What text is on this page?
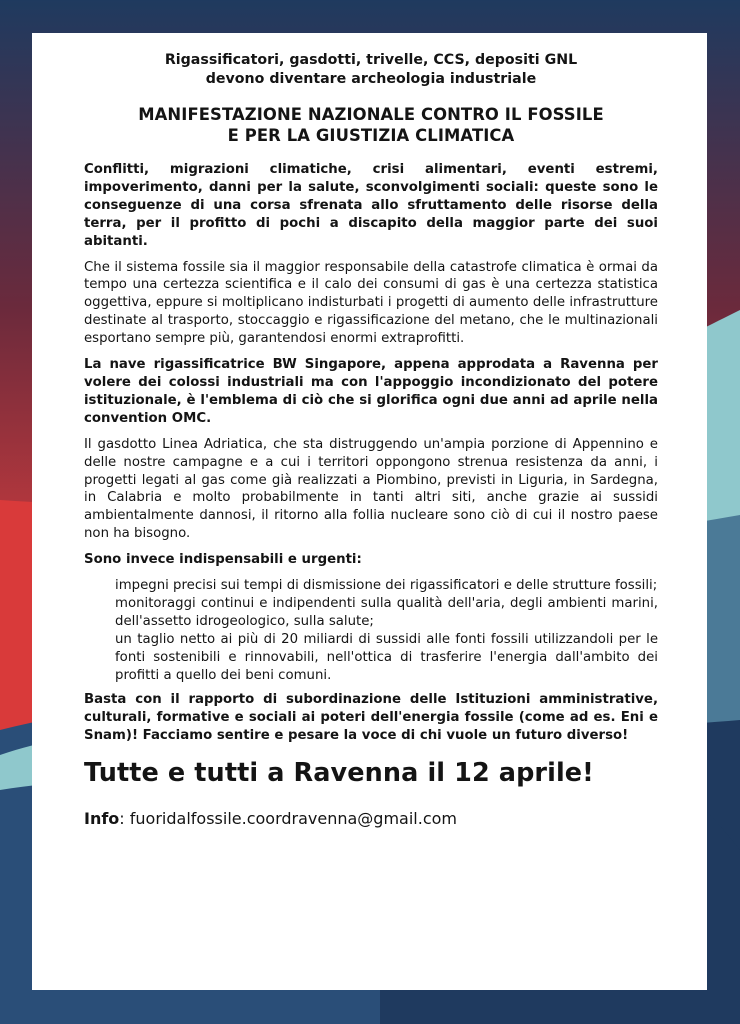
Rigassificatori, gasdotti, trivelle, CCS, depositi GNL
devono diventare archeologia industriale
MANIFESTAZIONE NAZIONALE CONTRO IL FOSSILE
E PER LA GIUSTIZIA CLIMATICA

Conflitti, migrazioni climatiche, crisi alimentari, eventi estremi, impoverimento, danni per la salute, sconvolgimenti sociali: queste sono le conseguenze di una corsa sfrenata allo sfruttamento delle risorse della terra, per il profitto di pochi a discapito della maggior parte dei suoi abitanti.

Che il sistema fossile sia il maggior responsabile della catastrofe climatica è ormai da tempo una certezza scientifica e il calo dei consumi di gas è una certezza statistica oggettiva, eppure si moltiplicano indisturbati i progetti di aumento delle infrastrutture destinate al trasporto, stoccaggio e rigassificazione del metano, che le multinazionali esportano sempre più, garantendosi enormi extraprofitti.

La nave rigassificatrice BW Singapore, appena approdata a Ravenna per volere dei colossi industriali ma con l'appoggio incondizionato del potere istituzionale, è l'emblema di ciò che si glorifica ogni due anni ad aprile nella convention OMC.

Il gasdotto Linea Adriatica, che sta distruggendo un'ampia porzione di Appennino e delle nostre campagne e a cui i territori oppongono strenua resistenza da anni, i progetti legati al gas come già realizzati a Piombino, previsti in Liguria, in Sardegna, in Calabria e molto probabilmente in tanti altri siti, anche grazie ai sussidi ambientalmente dannosi, il ritorno alla follia nucleare sono ciò di cui il nostro paese non ha bisogno.

Sono invece indispensabili e urgenti:

impegni precisi sui tempi di dismissione dei rigassificatori e delle strutture fossili;
monitoraggi continui e indipendenti sulla qualità dell'aria, degli ambienti marini, dell'assetto idrogeologico, sulla salute;
un taglio netto ai più di 20 miliardi di sussidi alle fonti fossili utilizzandoli per le fonti sostenibili e rinnovabili, nell'ottica di trasferire l'energia dall'ambito dei profitti a quello dei beni comuni.

Basta con il rapporto di subordinazione delle Istituzioni amministrative, culturali, formative e sociali ai poteri dell'energia fossile (come ad es. Eni e Snam)! Facciamo sentire e pesare la voce di chi vuole un futuro diverso!

Tutte e tutti a Ravenna il 12 aprile!
Info: fuoridalfossile.coordravenna@gmail.com
